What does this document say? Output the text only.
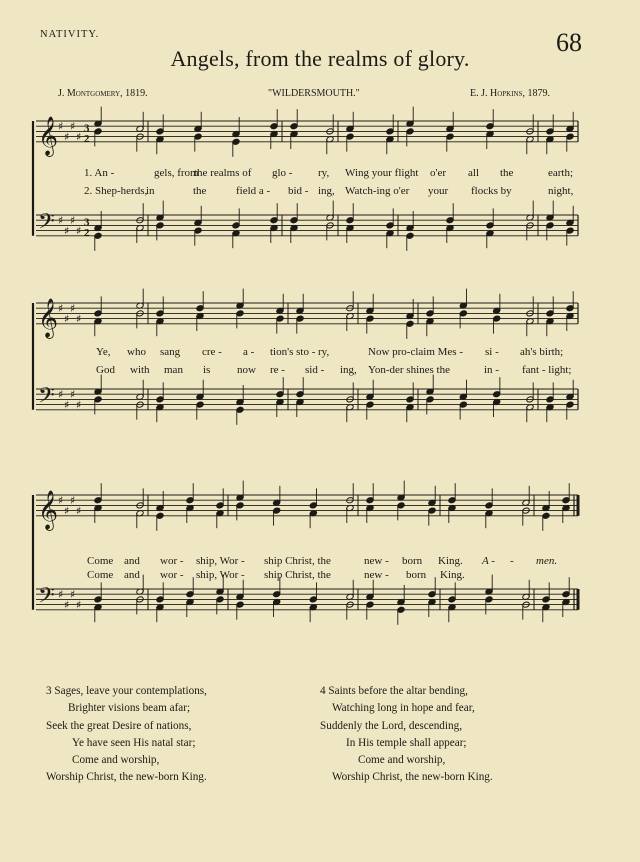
NATIVITY.	68
Angels, from the realms of glory.
J. Montgomery, 1819.	"WILDERSMOUTH."	E. J. Hopkins, 1879.
𝄞 ♯
♯
♯
♯
3
2
𝄢 ♯
♯
♯
♯
3
2
1. An -	gels, from
the realms of glo - ry, Wing your flight o'er all the	earth;
2. Shep-herds,
in	the	field a - bid - ing, Watch-ing o'er your flocks by	night,
𝄞 ♯
♯
♯
♯
𝄢 ♯
♯
♯
♯
Ye, who sang cre - a - tion's sto - ry,	Now pro-claim Mes - si - ah's birth;
God with man is now re - sid - ing, Yon-der shines the	in - fant - light;
𝄞 ♯
♯
♯
♯
𝄢 ♯
♯
♯
♯
Come and wor - ship, Wor - ship Christ, the	new - born King. A - - men.
Come and wor - ship, Wor - ship Christ, the	new - born King.
3 Sages, leave your contemplations,
Brighter visions beam afar;
Seek the great Desire of nations,
Ye have seen His natal star;
Come and worship,
Worship Christ, the new-born King.
4 Saints before the altar bending,
Watching long in hope and fear,
Suddenly the Lord, descending,
In His temple shall appear;
Come and worship,
Worship Christ, the new-born King.
